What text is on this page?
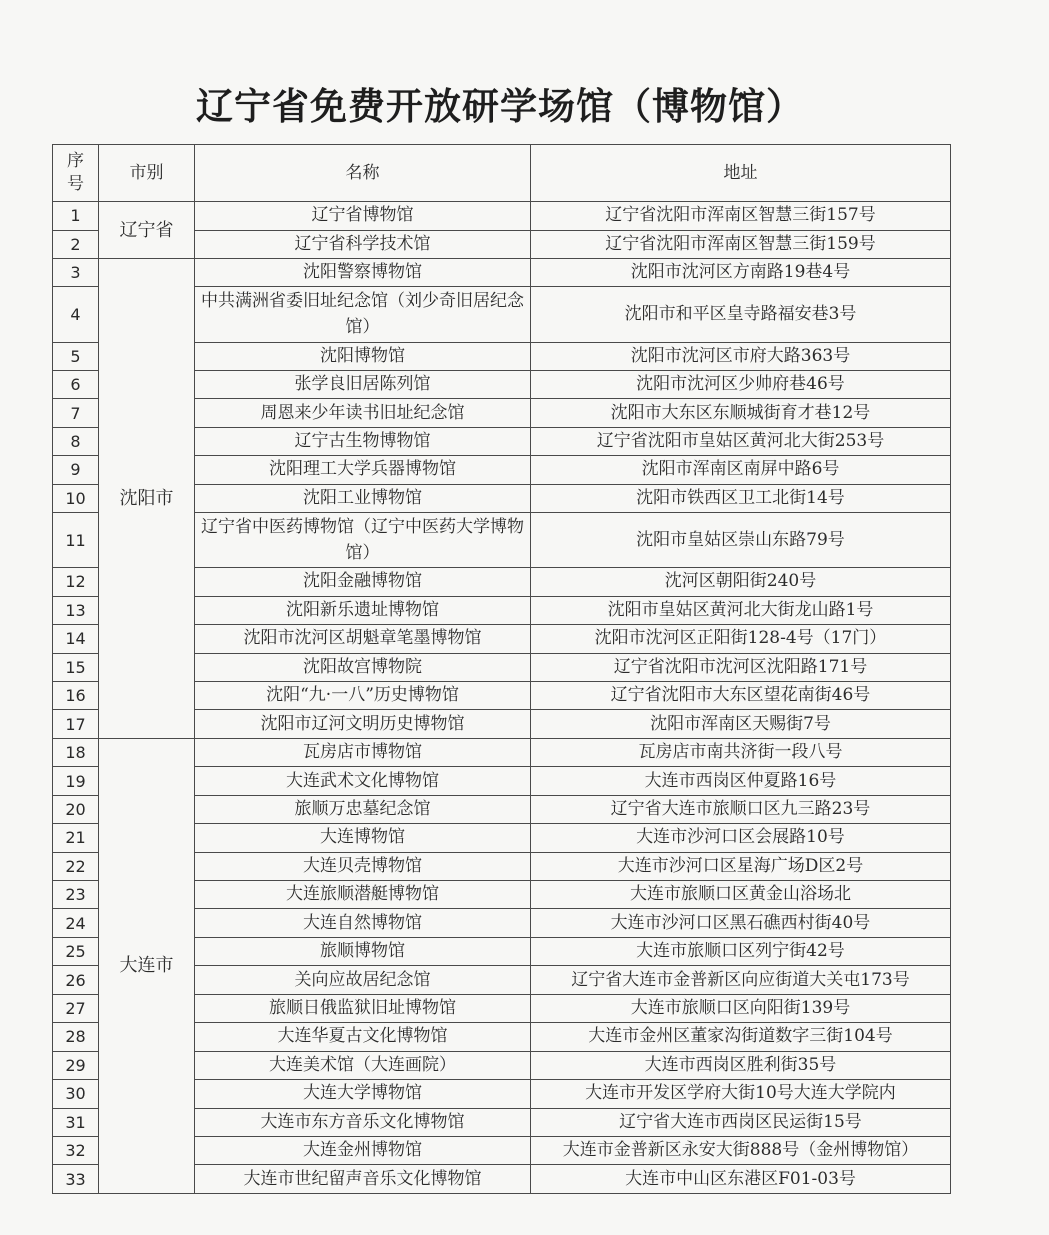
辽宁省免费开放研学场馆（博物馆）
序号	市别	名称	地址
1	辽宁省	辽宁省博物馆	辽宁省沈阳市浑南区智慧三街157号
2		辽宁省科学技术馆	辽宁省沈阳市浑南区智慧三街159号
3	沈阳市	沈阳警察博物馆	沈阳市沈河区方南路19巷4号
4		中共满洲省委旧址纪念馆（刘少奇旧居纪念馆）	沈阳市和平区皇寺路福安巷3号
5		沈阳博物馆	沈阳市沈河区市府大路363号
6		张学良旧居陈列馆	沈阳市沈河区少帅府巷46号
7		周恩来少年读书旧址纪念馆	沈阳市大东区东顺城街育才巷12号
8		辽宁古生物博物馆	辽宁省沈阳市皇姑区黄河北大街253号
9		沈阳理工大学兵器博物馆	沈阳市浑南区南屏中路6号
10		沈阳工业博物馆	沈阳市铁西区卫工北街14号
11		辽宁省中医药博物馆（辽宁中医药大学博物馆）	沈阳市皇姑区崇山东路79号
12		沈阳金融博物馆	沈河区朝阳街240号
13		沈阳新乐遗址博物馆	沈阳市皇姑区黄河北大街龙山路1号
14		沈阳市沈河区胡魁章笔墨博物馆	沈阳市沈河区正阳街128-4号（17门）
15		沈阳故宫博物院	辽宁省沈阳市沈河区沈阳路171号
16		沈阳“九·一八”历史博物馆	辽宁省沈阳市大东区望花南街46号
17		沈阳市辽河文明历史博物馆	沈阳市浑南区天赐街7号
18	大连市	瓦房店市博物馆	瓦房店市南共济街一段八号
19		大连武术文化博物馆	大连市西岗区仲夏路16号
20		旅顺万忠墓纪念馆	辽宁省大连市旅顺口区九三路23号
21		大连博物馆	大连市沙河口区会展路10号
22		大连贝壳博物馆	大连市沙河口区星海广场D区2号
23		大连旅顺潜艇博物馆	大连市旅顺口区黄金山浴场北
24		大连自然博物馆	大连市沙河口区黑石礁西村街40号
25		旅顺博物馆	大连市旅顺口区列宁街42号
26		关向应故居纪念馆	辽宁省大连市金普新区向应街道大关屯173号
27		旅顺日俄监狱旧址博物馆	大连市旅顺口区向阳街139号
28		大连华夏古文化博物馆	大连市金州区董家沟街道数字三街104号
29		大连美术馆（大连画院）	大连市西岗区胜利街35号
30		大连大学博物馆	大连市开发区学府大街10号大连大学院内
31		大连市东方音乐文化博物馆	辽宁省大连市西岗区民运街15号
32		大连金州博物馆	大连市金普新区永安大街888号（金州博物馆）
33		大连市世纪留声音乐文化博物馆	大连市中山区东港区F01-03号
